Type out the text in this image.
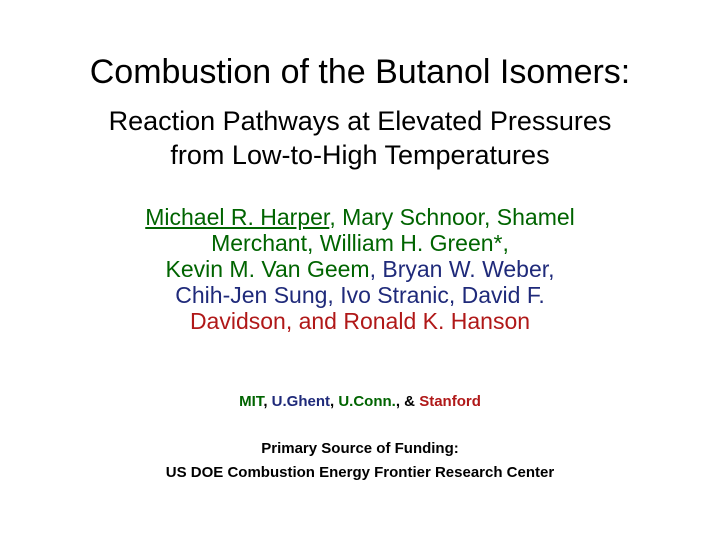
Combustion of the Butanol Isomers:
Reaction Pathways at Elevated Pressures
from Low-to-High Temperatures
Michael R. Harper, Mary Schnoor, Shamel
Merchant, William H. Green*,
Kevin M. Van Geem, Bryan W. Weber,
Chih-Jen Sung, Ivo Stranic, David F.
Davidson, and Ronald K. Hanson
MIT, U.Ghent, U.Conn., & Stanford
Primary Source of Funding:
US DOE Combustion Energy Frontier Research Center
